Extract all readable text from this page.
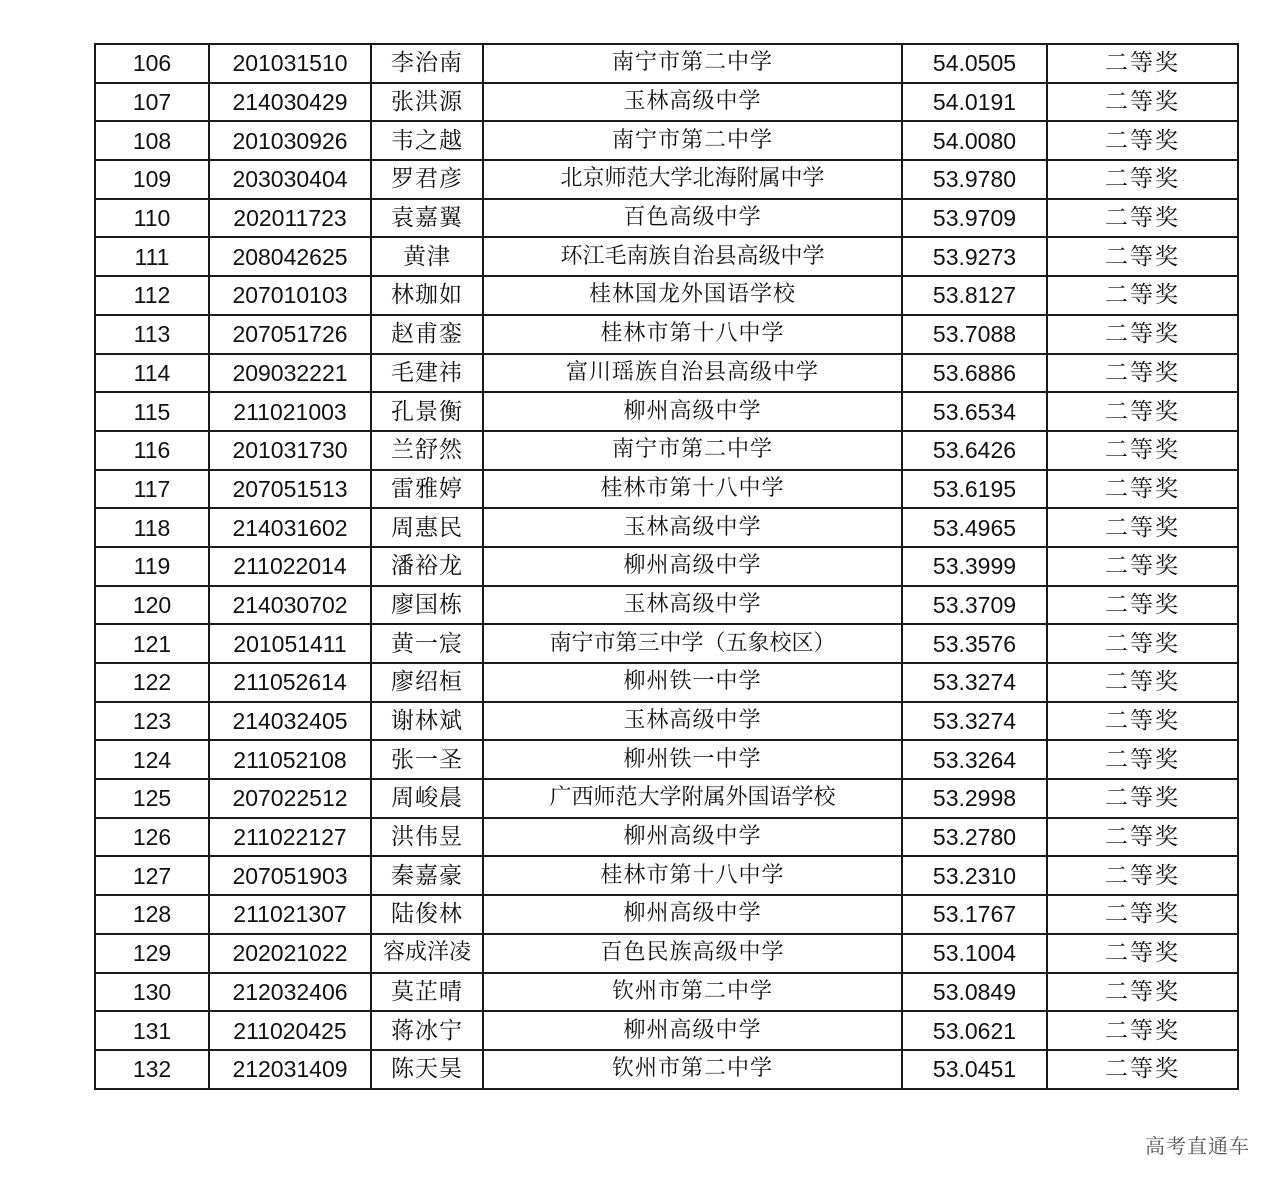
106	201031510	李治南	南宁市第二中学	54.0505	二等奖
107	214030429	张洪源	玉林高级中学	54.0191	二等奖
108	201030926	韦之越	南宁市第二中学	54.0080	二等奖
109	203030404	罗君彦	北京师范大学北海附属中学	53.9780	二等奖
110	202011723	袁嘉翼	百色高级中学	53.9709	二等奖
111	208042625	黄津	环江毛南族自治县高级中学	53.9273	二等奖
112	207010103	林珈如	桂林国龙外国语学校	53.8127	二等奖
113	207051726	赵甫銮	桂林市第十八中学	53.7088	二等奖
114	209032221	毛建祎	富川瑶族自治县高级中学	53.6886	二等奖
115	211021003	孔景衡	柳州高级中学	53.6534	二等奖
116	201031730	兰舒然	南宁市第二中学	53.6426	二等奖
117	207051513	雷雅婷	桂林市第十八中学	53.6195	二等奖
118	214031602	周惠民	玉林高级中学	53.4965	二等奖
119	211022014	潘裕龙	柳州高级中学	53.3999	二等奖
120	214030702	廖国栋	玉林高级中学	53.3709	二等奖
121	201051411	黄一宸	南宁市第三中学（五象校区）	53.3576	二等奖
122	211052614	廖绍桓	柳州铁一中学	53.3274	二等奖
123	214032405	谢林斌	玉林高级中学	53.3274	二等奖
124	211052108	张一圣	柳州铁一中学	53.3264	二等奖
125	207022512	周峻晨	广西师范大学附属外国语学校	53.2998	二等奖
126	211022127	洪伟昱	柳州高级中学	53.2780	二等奖
127	207051903	秦嘉豪	桂林市第十八中学	53.2310	二等奖
128	211021307	陆俊林	柳州高级中学	53.1767	二等奖
129	202021022	容成洋凌	百色民族高级中学	53.1004	二等奖
130	212032406	莫芷晴	钦州市第二中学	53.0849	二等奖
131	211020425	蒋冰宁	柳州高级中学	53.0621	二等奖
132	212031409	陈天昊	钦州市第二中学	53.0451	二等奖
高考直通车
